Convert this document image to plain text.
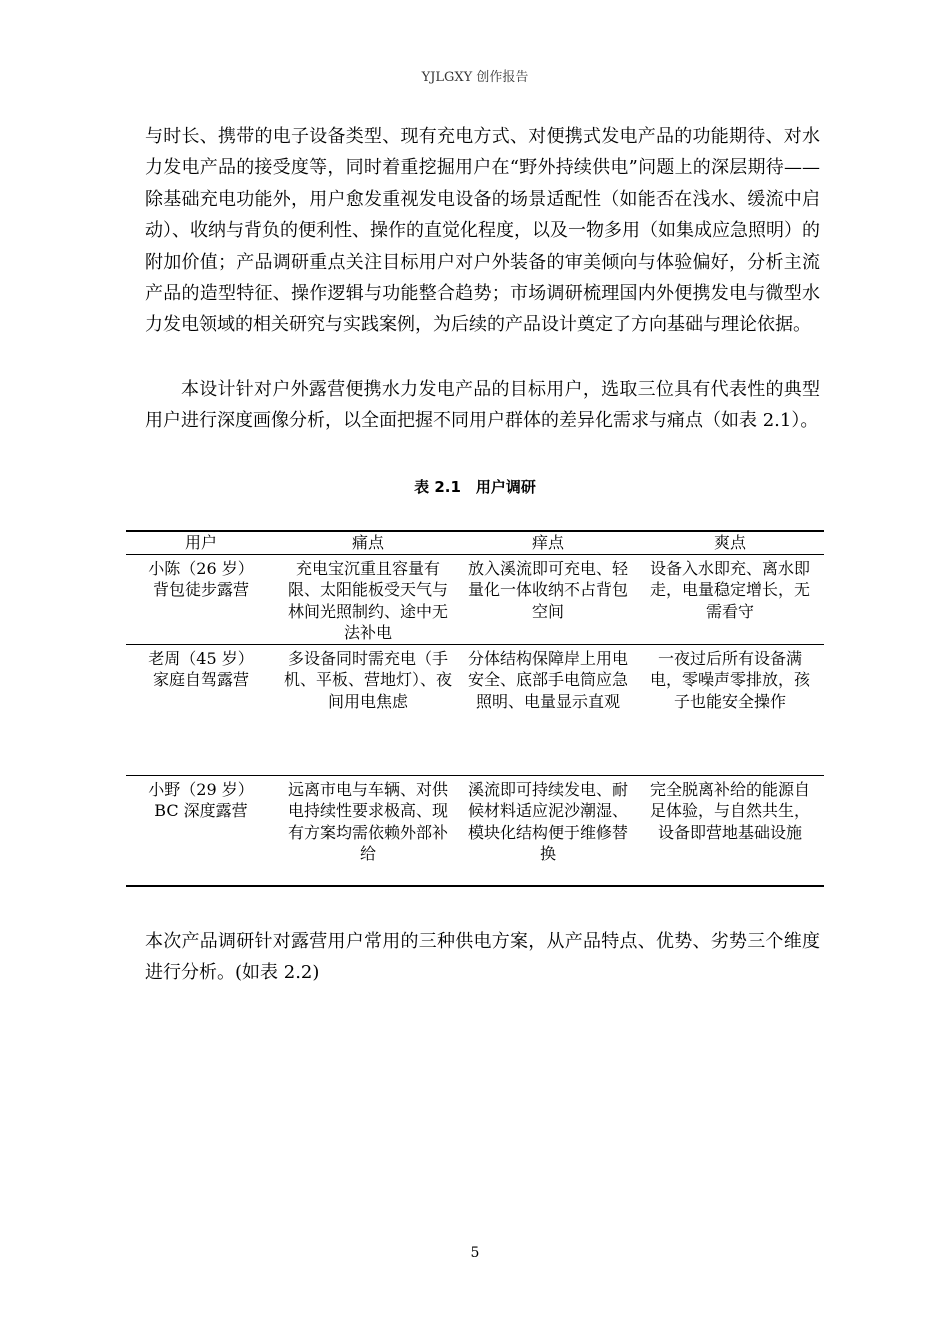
YJLGXY 创作报告

与时长、携带的电子设备类型、现有充电方式、对便携式发电产品的功能期待、对水力发电产品的接受度等，同时着重挖掘用户在“野外持续供电”问题上的深层期待——除基础充电功能外，用户愈发重视发电设备的场景适配性（如能否在浅水、缓流中启动）、收纳与背负的便利性、操作的直觉化程度，以及一物多用（如集成应急照明）的附加价值；产品调研重点关注目标用户对户外装备的审美倾向与体验偏好，分析主流产品的造型特征、操作逻辑与功能整合趋势；市场调研梳理国内外便携发电与微型水力发电领域的相关研究与实践案例，为后续的产品设计奠定了方向基础与理论依据。

本设计针对户外露营便携水力发电产品的目标用户，选取三位具有代表性的典型用户进行深度画像分析，以全面把握不同用户群体的差异化需求与痛点（如表 2.1）。

表 2.1　用户调研
用户	痛点	痒点	爽点

小陈（26 岁）
背包徒步露营	充电宝沉重且容量有限、太阳能板受天气与林间光照制约、途中无法补电	放入溪流即可充电、轻量化一体收纳不占背包空间	设备入水即充、离水即走，电量稳定增长，无需看守

老周（45 岁）
家庭自驾露营	多设备同时需充电（手机、平板、营地灯）、夜间用电焦虑	分体结构保障岸上用电安全、底部手电筒应急照明、电量显示直观	一夜过后所有设备满电，零噪声零排放，孩子也能安全操作

小野（29 岁）
BC 深度露营	远离市电与车辆、对供电持续性要求极高、现有方案均需依赖外部补给	溪流即可持续发电、耐候材料适应泥沙潮湿、模块化结构便于维修替换	完全脱离补给的能源自足体验，与自然共生，设备即营地基础设施

本次产品调研针对露营用户常用的三种供电方案，从产品特点、优势、劣势三个维度进行分析。(如表 2.2)

5
